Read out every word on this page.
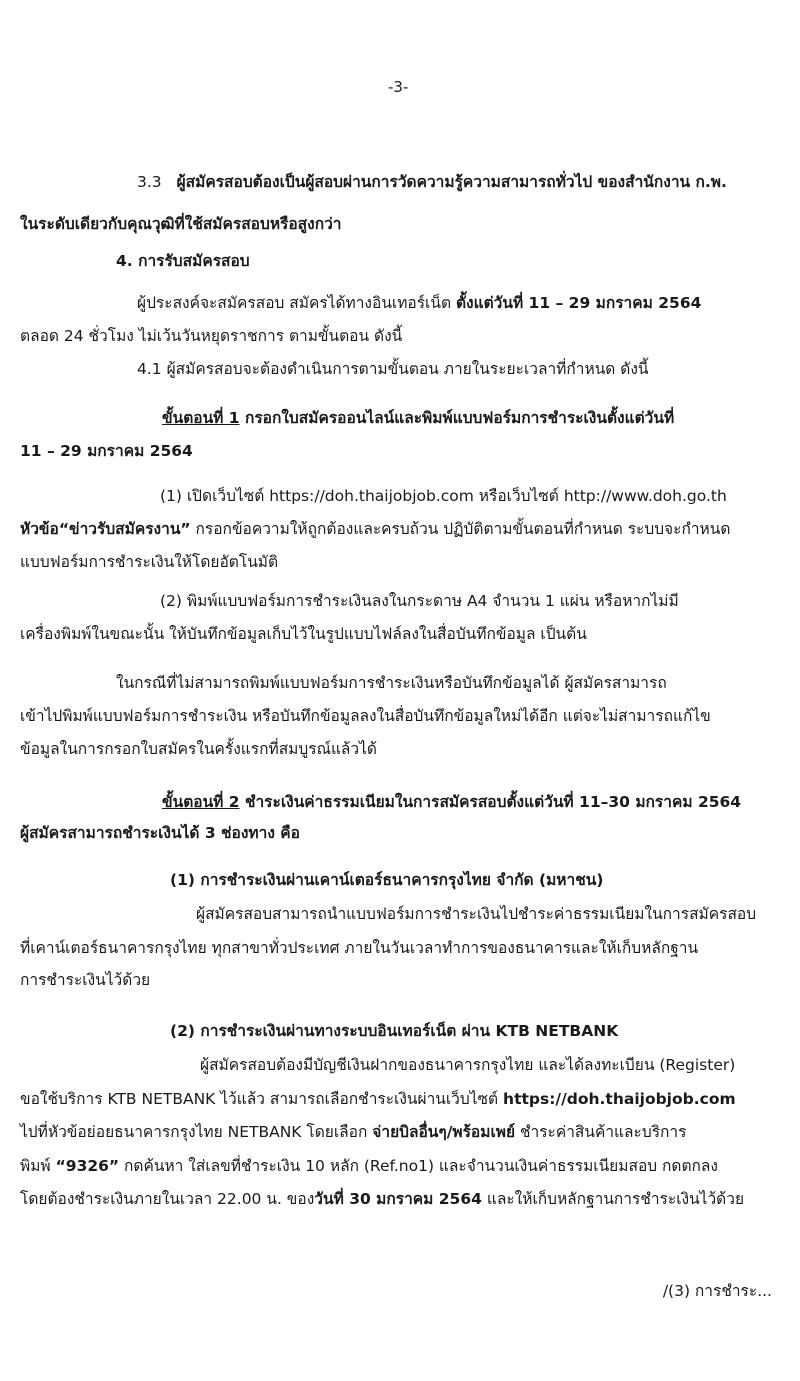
-3-
3.3 ผู้สมัครสอบต้องเป็นผู้สอบผ่านการวัดความรู้ความสามารถทั่วไป ของสำนักงาน ก.พ.
ในระดับเดียวกับคุณวุฒิที่ใช้สมัครสอบหรือสูงกว่า
4. การรับสมัครสอบ
ผู้ประสงค์จะสมัครสอบ สมัครได้ทางอินเทอร์เน็ต ตั้งแต่วันที่ 11 – 29 มกราคม 2564
ตลอด 24 ชั่วโมง ไม่เว้นวันหยุดราชการ ตามขั้นตอน ดังนี้
4.1 ผู้สมัครสอบจะต้องดำเนินการตามขั้นตอน ภายในระยะเวลาที่กำหนด ดังนี้
ขั้นตอนที่ 1 กรอกใบสมัครออนไลน์และพิมพ์แบบฟอร์มการชำระเงินตั้งแต่วันที่
11 – 29 มกราคม 2564
(1) เปิดเว็บไซต์ https://doh.thaijobjob.com หรือเว็บไซต์ http://www.doh.go.th
หัวข้อ“ข่าวรับสมัครงาน” กรอกข้อความให้ถูกต้องและครบถ้วน ปฏิบัติตามขั้นตอนที่กำหนด ระบบจะกำหนด
แบบฟอร์มการชำระเงินให้โดยอัตโนมัติ
(2) พิมพ์แบบฟอร์มการชำระเงินลงในกระดาษ A4 จำนวน 1 แผ่น หรือหากไม่มี
เครื่องพิมพ์ในขณะนั้น ให้บันทึกข้อมูลเก็บไว้ในรูปแบบไฟล์ลงในสื่อบันทึกข้อมูล เป็นต้น
ในกรณีที่ไม่สามารถพิมพ์แบบฟอร์มการชำระเงินหรือบันทึกข้อมูลได้ ผู้สมัครสามารถ
เข้าไปพิมพ์แบบฟอร์มการชำระเงิน หรือบันทึกข้อมูลลงในสื่อบันทึกข้อมูลใหม่ได้อีก แต่จะไม่สามารถแก้ไข
ข้อมูลในการกรอกใบสมัครในครั้งแรกที่สมบูรณ์แล้วได้
ขั้นตอนที่ 2 ชำระเงินค่าธรรมเนียมในการสมัครสอบตั้งแต่วันที่ 11–30 มกราคม 2564
ผู้สมัครสามารถชำระเงินได้ 3 ช่องทาง คือ
(1) การชำระเงินผ่านเคาน์เตอร์ธนาคารกรุงไทย จำกัด (มหาชน)
ผู้สมัครสอบสามารถนำแบบฟอร์มการชำระเงินไปชำระค่าธรรมเนียมในการสมัครสอบ
ที่เคาน์เตอร์ธนาคารกรุงไทย ทุกสาขาทั่วประเทศ ภายในวันเวลาทำการของธนาคารและให้เก็บหลักฐาน
การชำระเงินไว้ด้วย
(2) การชำระเงินผ่านทางระบบอินเทอร์เน็ต ผ่าน KTB NETBANK
ผู้สมัครสอบต้องมีบัญชีเงินฝากของธนาคารกรุงไทย และได้ลงทะเบียน (Register)
ขอใช้บริการ KTB NETBANK ไว้แล้ว สามารถเลือกชำระเงินผ่านเว็บไซต์ https://doh.thaijobjob.com
ไปที่หัวข้อย่อยธนาคารกรุงไทย NETBANK โดยเลือก จ่ายบิลอื่นๆ/พร้อมเพย์ ชำระค่าสินค้าและบริการ
พิมพ์ “9326” กดค้นหา ใส่เลขที่ชำระเงิน 10 หลัก (Ref.no1) และจำนวนเงินค่าธรรมเนียมสอบ กดตกลง
โดยต้องชำระเงินภายในเวลา 22.00 น. ของวันที่ 30 มกราคม 2564 และให้เก็บหลักฐานการชำระเงินไว้ด้วย
/(3) การชำระ...
